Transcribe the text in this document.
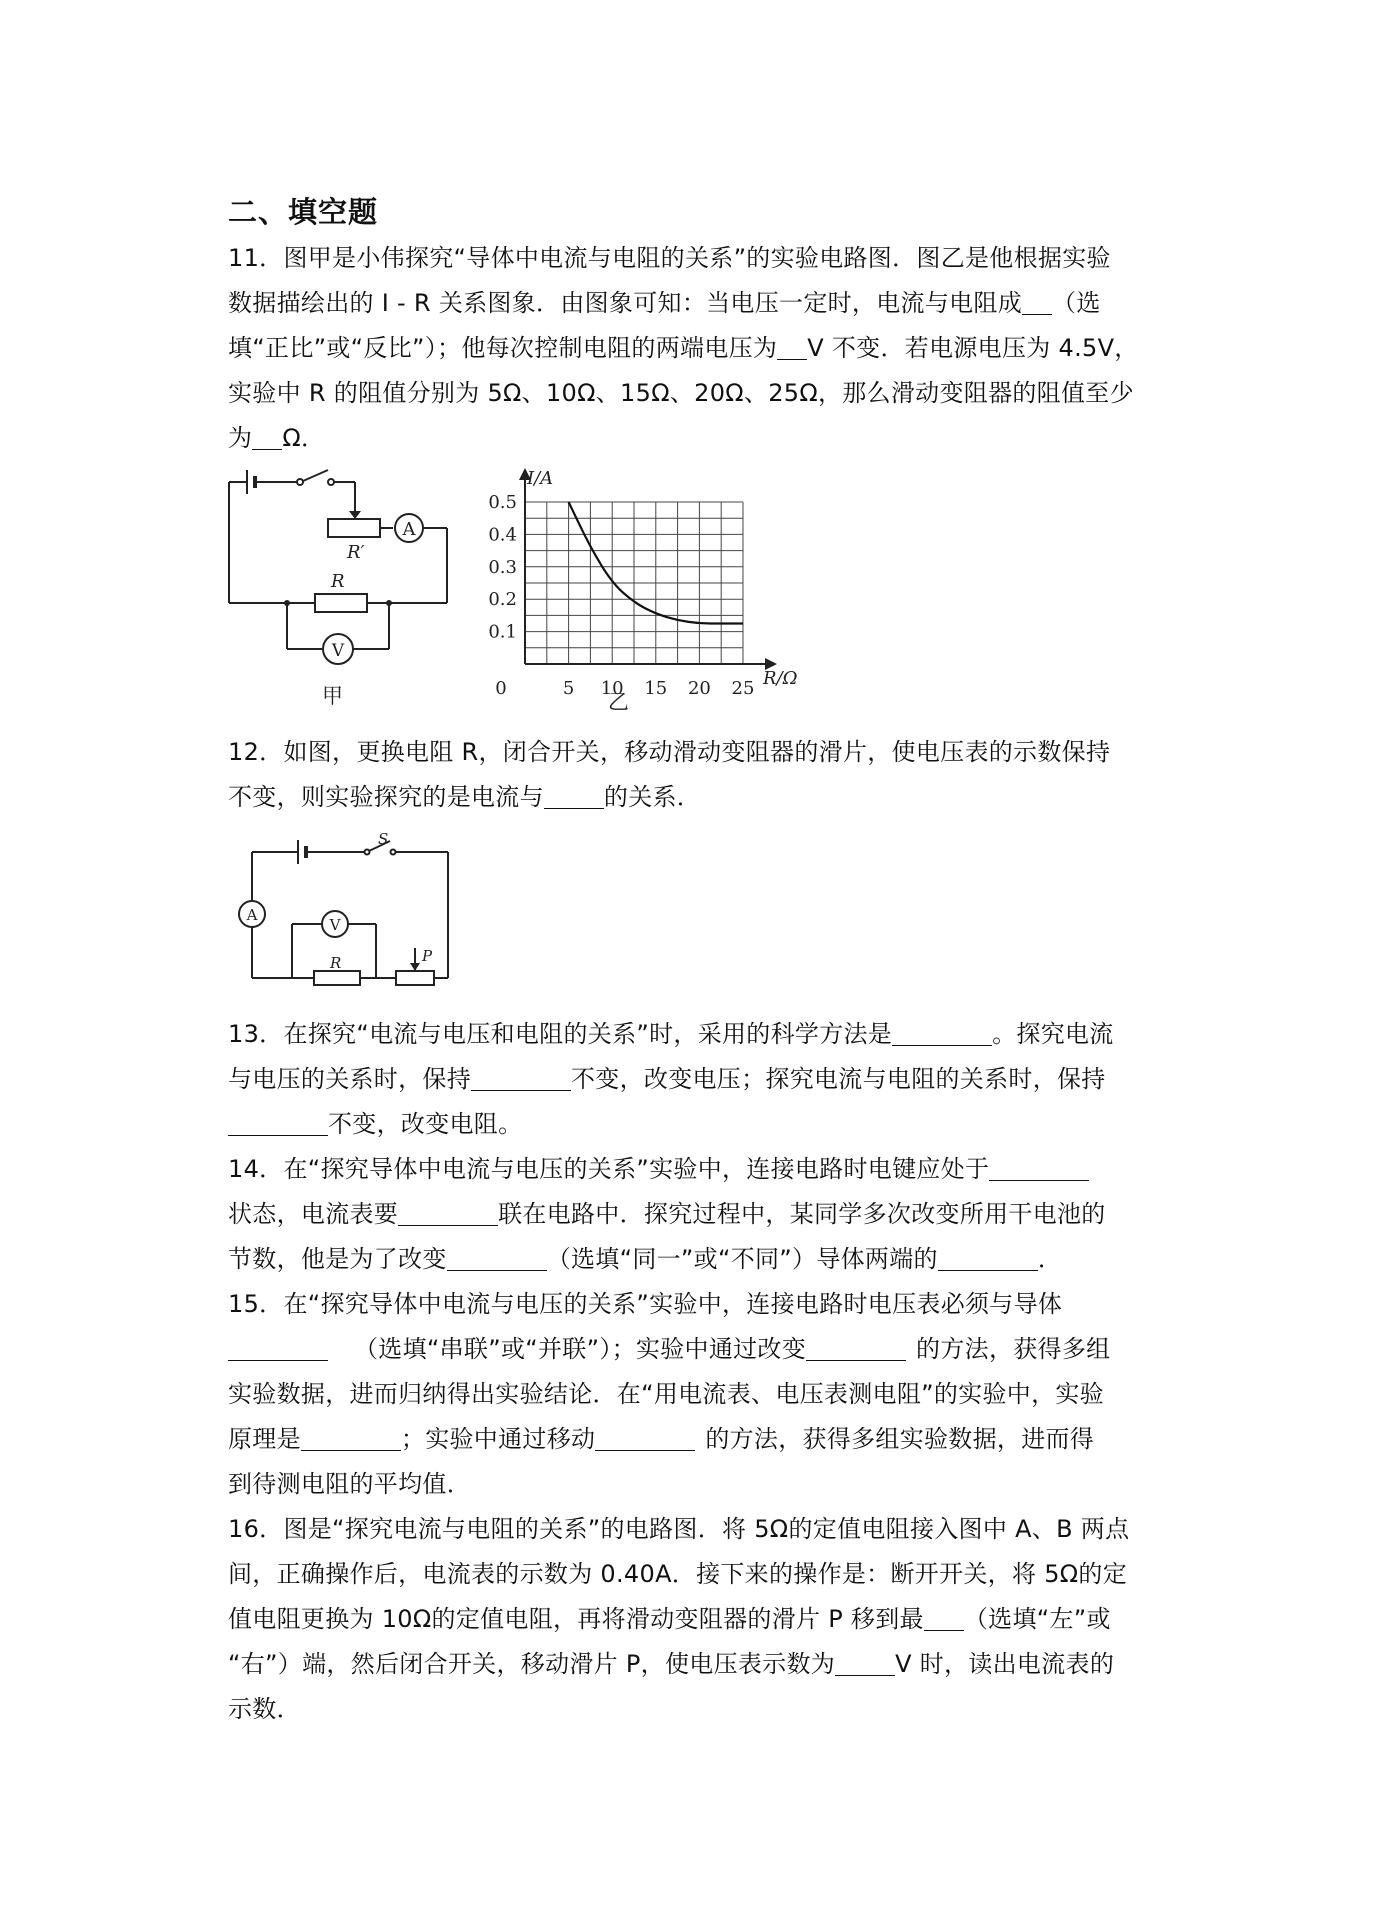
二、填空题

11．图甲是小伟探究“导体中电流与电阻的关系”的实验电路图．图乙是他根据实验

数据描绘出的 I - R 关系图象．由图象可知：当电压一定时，电流与电阻成 （选

填“正比”或“反比”）；他每次控制电阻的两端电压为 V 不变．若电源电压为 4.5V，

实验中 R 的阻值分别为 5Ω、10Ω、15Ω、20Ω、25Ω，那么滑动变阻器的阻值至少

为 Ω．

A
R′
R
V
甲	0	5 10 15 20 25
0.1
0.2
0.3
0.4
0.5
I/A
R/Ω
乙

12．如图，更换电阻 R，闭合开关，移动滑动变阻器的滑片，使电压表的示数保持

不变，则实验探究的是电流与	的关系．

S
A
V
R	P

13．在探究“电流与电压和电阻的关系”时，采用的科学方法是	。探究电流

与电压的关系时，保持	不变，改变电压；探究电流与电阻的关系时，保持

不变，改变电阻。

14．在“探究导体中电流与电压的关系”实验中，连接电路时电键应处于

状态，电流表要	联在电路中．探究过程中，某同学多次改变所用干电池的

节数，他是为了改变	（选填“同一”或“不同”）导体两端的	．

15．在“探究导体中电流与电压的关系”实验中，连接电路时电压表必须与导体

（选填“串联”或“并联”）；实验中通过改变	的方法，获得多组

实验数据，进而归纳得出实验结论．在“用电流表、电压表测电阻”的实验中，实验

原理是	；实验中通过移动	的方法，获得多组实验数据，进而得

到待测电阻的平均值．

16．图是“探究电流与电阻的关系”的电路图．将 5Ω的定值电阻接入图中 A、B 两点

间，正确操作后，电流表的示数为 0.40A．接下来的操作是：断开开关，将 5Ω的定

值电阻更换为 10Ω的定值电阻，再将滑动变阻器的滑片 P 移到最 （选填“左”或

“右”）端，然后闭合开关，移动滑片 P，使电压表示数为	V 时，读出电流表的

示数．
